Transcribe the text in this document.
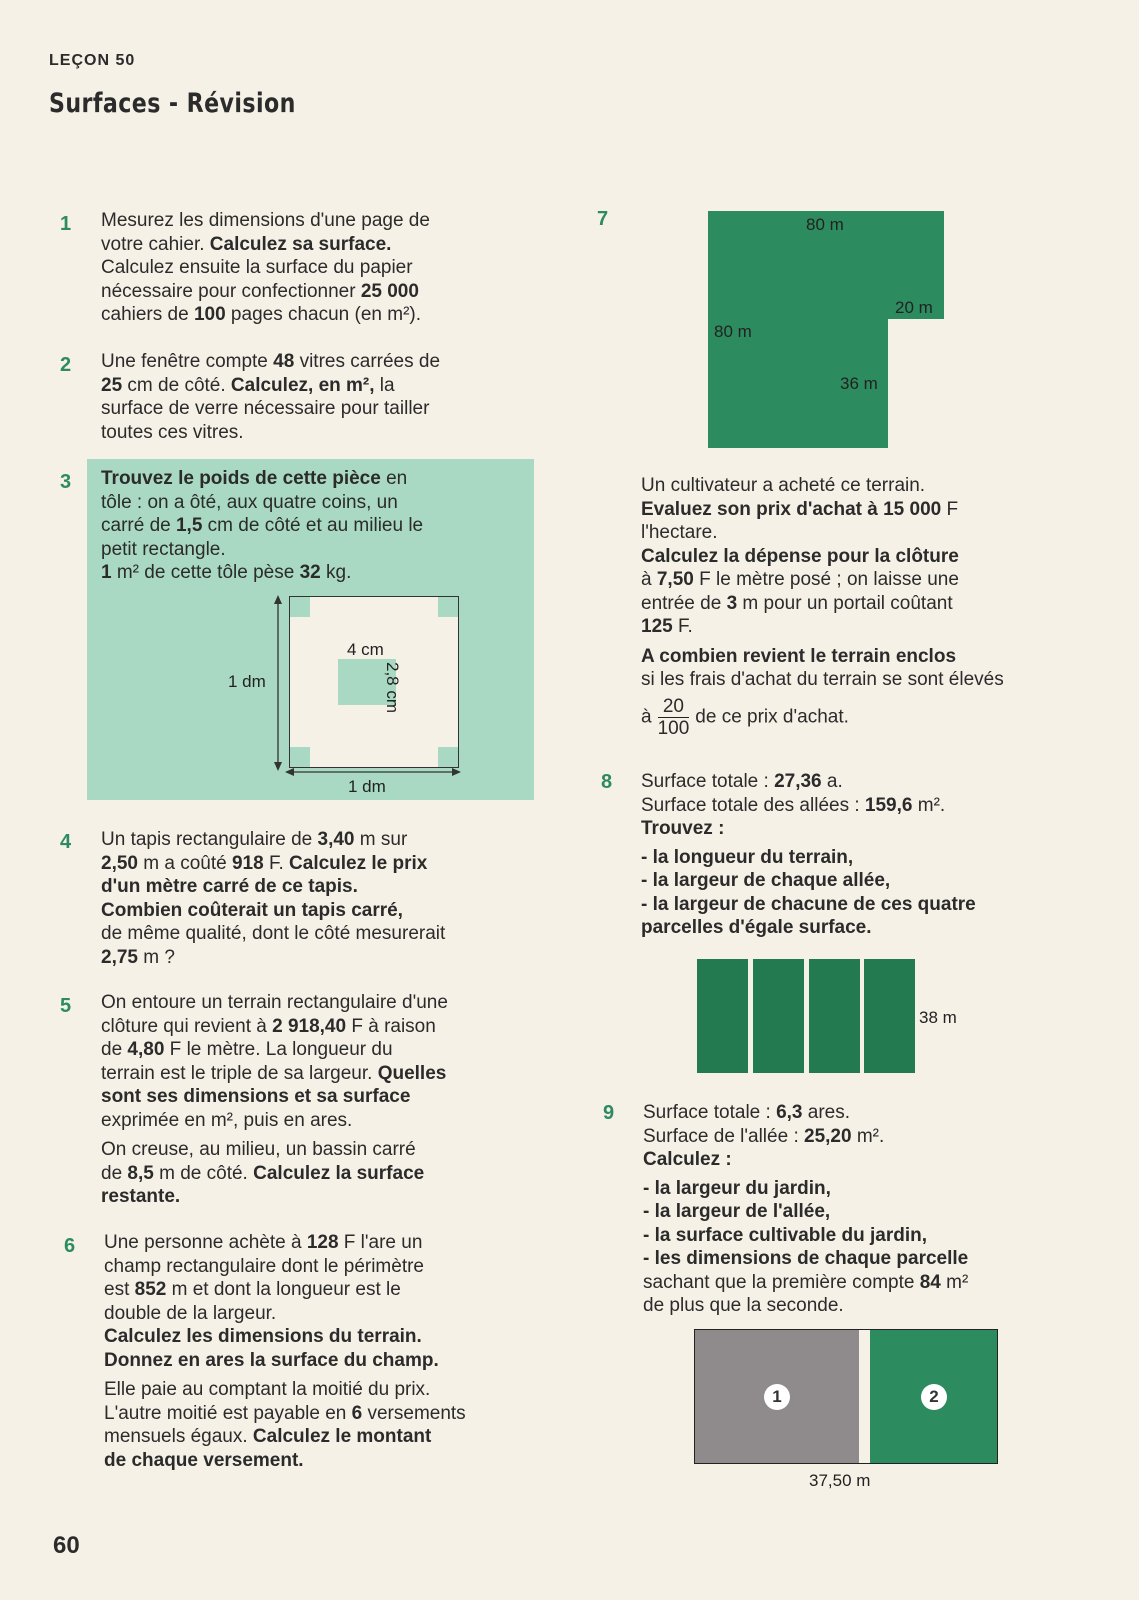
LEÇON 50
Surfaces - Révision
1 Mesurez les dimensions d'une page de
votre cahier. Calculez sa surface.
Calculez ensuite la surface du papier
nécessaire pour confectionner 25 000
cahiers de 100 pages chacun (en m²).
2 Une fenêtre compte 48 vitres carrées de
25 cm de côté. Calculez, en m², la
surface de verre nécessaire pour tailler
toutes ces vitres.
3 Trouvez le poids de cette pièce en
tôle : on a ôté, aux quatre coins, un
carré de 1,5 cm de côté et au milieu le
petit rectangle.
1 m² de cette tôle pèse 32 kg.
4 cm
2,8 cm
1 dm
1 dm
4 Un tapis rectangulaire de 3,40 m sur
2,50 m a coûté 918 F. Calculez le prix
d'un mètre carré de ce tapis.
Combien coûterait un tapis carré,
de même qualité, dont le côté mesurerait
2,75 m ?
5 On entoure un terrain rectangulaire d'une
clôture qui revient à 2 918,40 F à raison
de 4,80 F le mètre. La longueur du
terrain est le triple de sa largeur. Quelles
sont ses dimensions et sa surface
exprimée en m², puis en ares.
On creuse, au milieu, un bassin carré
de 8,5 m de côté. Calculez la surface
restante.
6 Une personne achète à 128 F l'are un
champ rectangulaire dont le périmètre
est 852 m et dont la longueur est le
double de la largeur.
Calculez les dimensions du terrain.
Donnez en ares la surface du champ.
Elle paie au comptant la moitié du prix.
L'autre moitié est payable en 6 versements
mensuels égaux. Calculez le montant
de chaque versement.
60
7	80 m
80 m
20 m
36 m
Un cultivateur a acheté ce terrain.
Evaluez son prix d'achat à 15 000 F
l'hectare.
Calculez la dépense pour la clôture
à 7,50 F le mètre posé ; on laisse une
entrée de 3 m pour un portail coûtant
125 F.
A combien revient le terrain enclos
si les frais d'achat du terrain se sont élevés
à $\frac{20}{100}$ de ce prix d'achat.
8 Surface totale : 27,36 a.
Surface totale des allées : 159,6 m².
Trouvez :
- la longueur du terrain,
- la largeur de chaque allée,
- la largeur de chacune de ces quatre
parcelles d'égale surface.
38 m
9 Surface totale : 6,3 ares.
Surface de l'allée : 25,20 m².
Calculez :
- la largeur du jardin,
- la largeur de l'allée,
- la surface cultivable du jardin,
- les dimensions de chaque parcelle
sachant que la première compte 84 m²
de plus que la seconde.
1	2
37,50 m
